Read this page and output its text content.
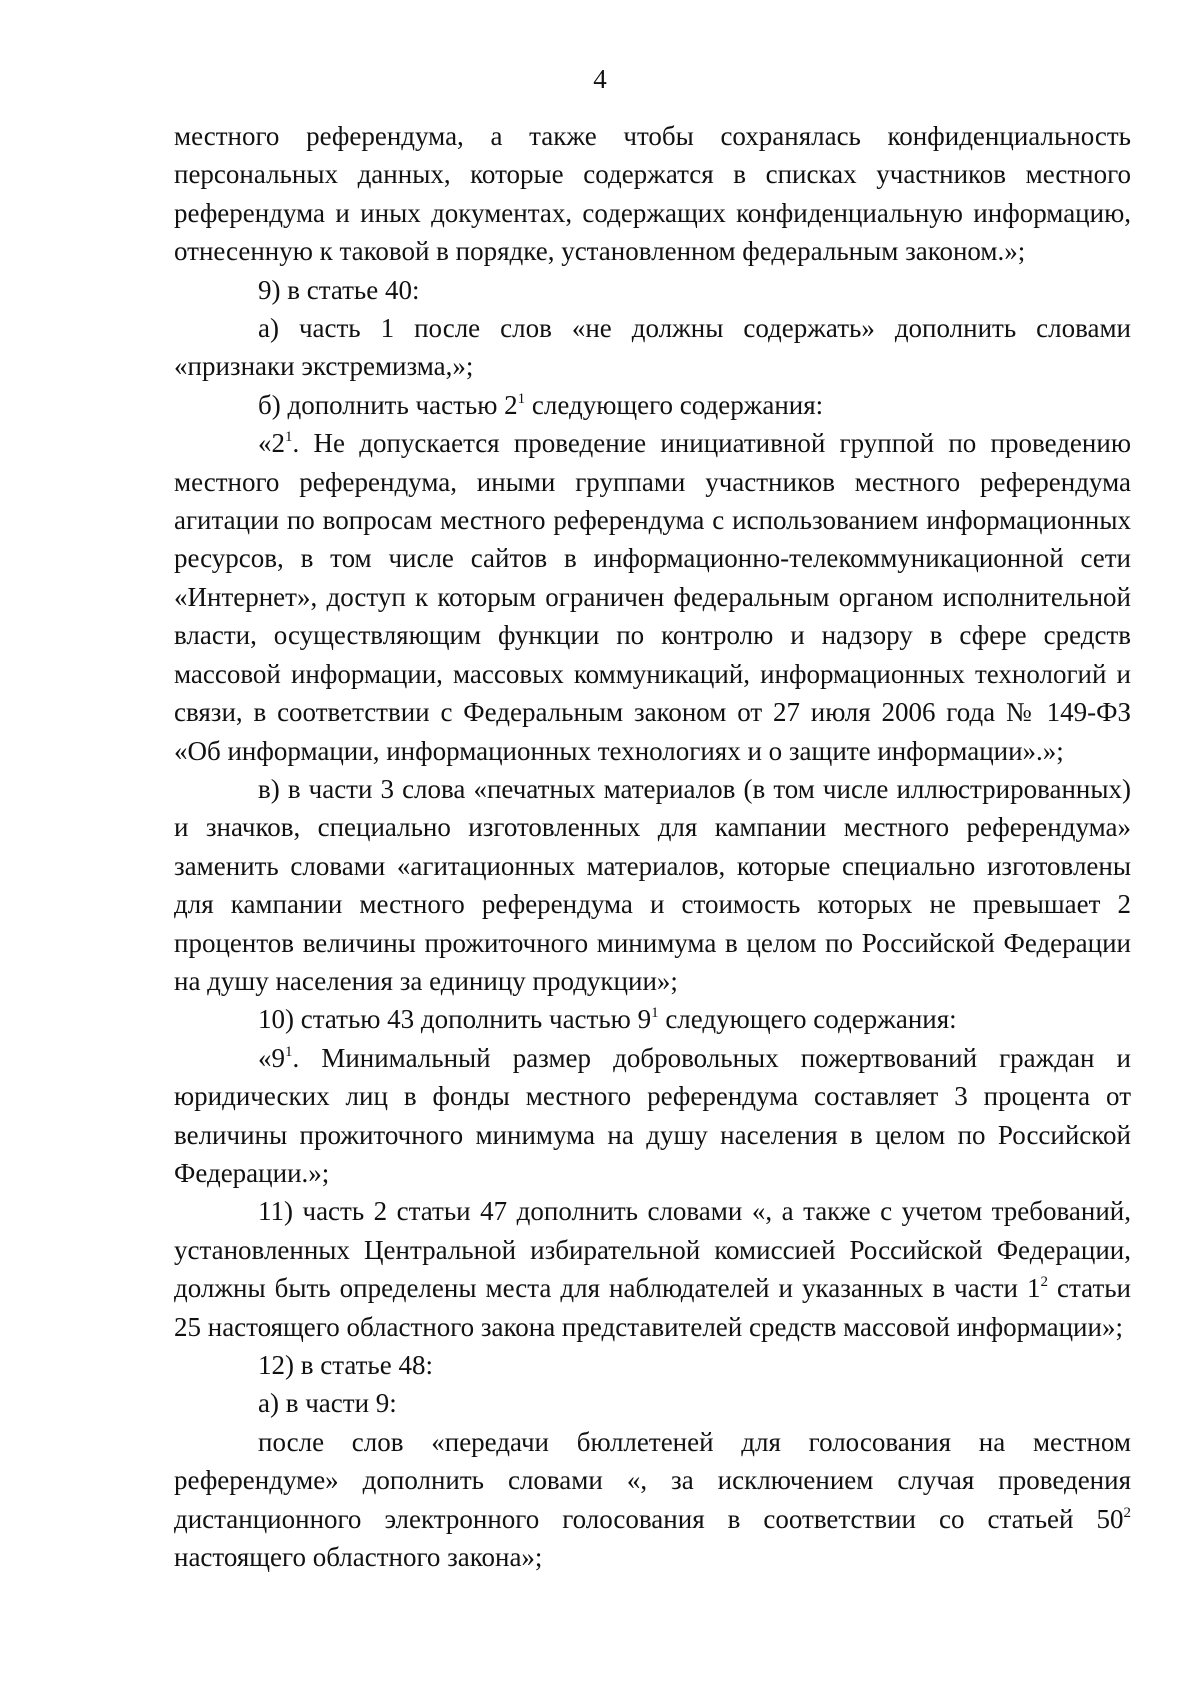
4

местного референдума, а также чтобы сохранялась конфиденциальность персональных данных, которые содержатся в списках участников местного референдума и иных документах, содержащих конфиденциальную информацию, отнесенную к таковой в порядке, установленном федеральным законом.»;

9) в статье 40:

а) часть 1 после слов «не должны содержать» дополнить словами «признаки экстремизма,»;

б) дополнить частью $2^1$ следующего содержания:

«$2^1$. Не допускается проведение инициативной группой по проведению местного референдума, иными группами участников местного референдума агитации по вопросам местного референдума с использованием информационных ресурсов, в том числе сайтов в информационно-телекоммуникационной сети «Интернет», доступ к которым ограничен федеральным органом исполнительной власти, осуществляющим функции по контролю и надзору в сфере средств массовой информации, массовых коммуникаций, информационных технологий и связи, в соответствии с Федеральным законом от 27 июля 2006 года № 149-ФЗ «Об информации, информационных технологиях и о защите информации».»;

в) в части 3 слова «печатных материалов (в том числе иллюстрированных) и значков, специально изготовленных для кампании местного референдума» заменить словами «агитационных материалов, которые специально изготовлены для кампании местного референдума и стоимость которых не превышает 2 процентов величины прожиточного минимума в целом по Российской Федерации на душу населения за единицу продукции»;

10) статью 43 дополнить частью $9^1$ следующего содержания:

«$9^1$. Минимальный размер добровольных пожертвований граждан и юридических лиц в фонды местного референдума составляет 3 процента от величины прожиточного минимума на душу населения в целом по Российской Федерации.»;

11) часть 2 статьи 47 дополнить словами «, а также с учетом требований, установленных Центральной избирательной комиссией Российской Федерации, должны быть определены места для наблюдателей и указанных в части $1^2$ статьи 25 настоящего областного закона представителей средств массовой информации»;

12) в статье 48:

а) в части 9:

после слов «передачи бюллетеней для голосования на местном референдуме» дополнить словами «, за исключением случая проведения дистанционного электронного голосования в соответствии со статьей $50^2$ настоящего областного закона»;
